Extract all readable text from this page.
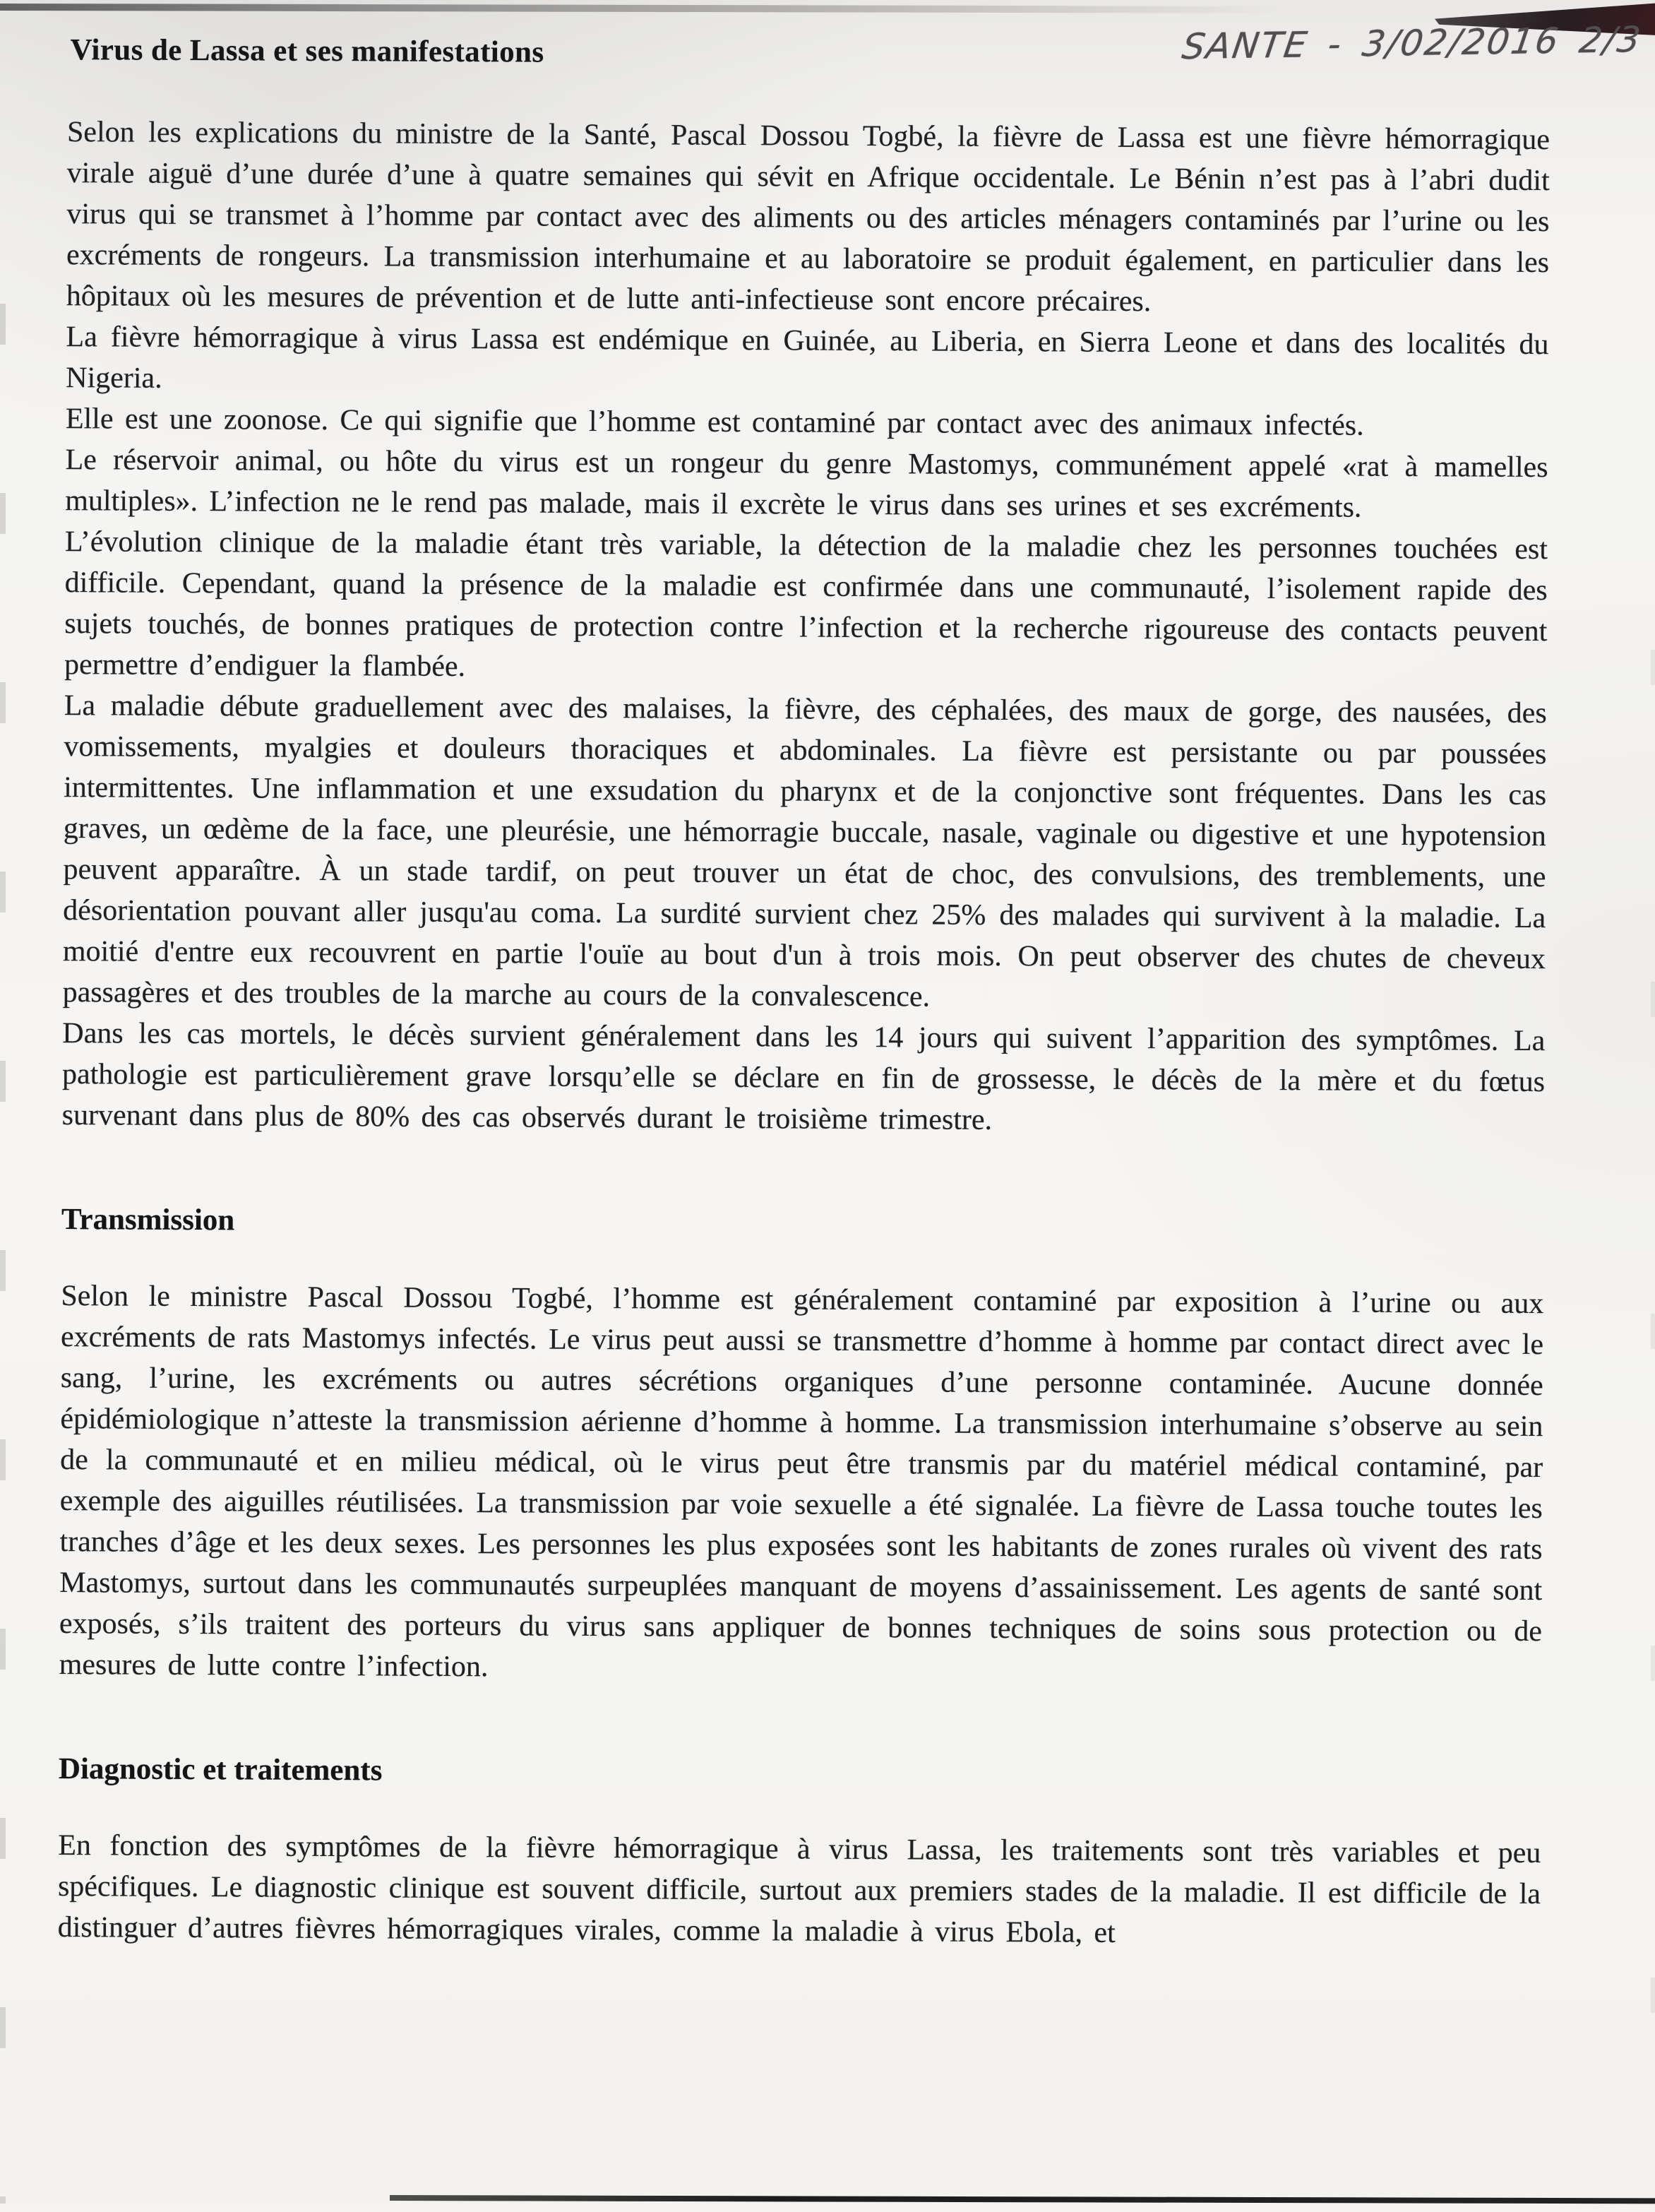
Virus de Lassa et ses manifestations	SANTE - 3/02/2016 2/3

Selon les explications du ministre de la Santé, Pascal Dossou Togbé, la fièvre de Lassa est une fièvre hémorragique virale aiguë d’une durée d’une à quatre semaines qui sévit en Afrique occidentale. Le Bénin n’est pas à l’abri dudit virus qui se transmet à l’homme par contact avec des aliments ou des articles ménagers contaminés par l’urine ou les excréments de rongeurs. La transmission interhumaine et au laboratoire se produit également, en particulier dans les hôpitaux où les mesures de prévention et de lutte anti-infectieuse sont encore précaires.

La fièvre hémorragique à virus Lassa est endémique en Guinée, au Liberia, en Sierra Leone et dans des localités du Nigeria.

Elle est une zoonose. Ce qui signifie que l’homme est contaminé par contact avec des animaux infectés.

Le réservoir animal, ou hôte du virus est un rongeur du genre Mastomys, communément appelé «rat à mamelles multiples». L’infection ne le rend pas malade, mais il excrète le virus dans ses urines et ses excréments.

L’évolution clinique de la maladie étant très variable, la détection de la maladie chez les personnes touchées est difficile. Cependant, quand la présence de la maladie est confirmée dans une communauté, l’isolement rapide des sujets touchés, de bonnes pratiques de protection contre l’infection et la recherche rigoureuse des contacts peuvent permettre d’endiguer la flambée.

La maladie débute graduellement avec des malaises, la fièvre, des céphalées, des maux de gorge, des nausées, des vomissements, myalgies et douleurs thoraciques et abdominales. La fièvre est persistante ou par poussées intermittentes. Une inflammation et une exsudation du pharynx et de la conjonctive sont fréquentes. Dans les cas graves, un œdème de la face, une pleurésie, une hémorragie buccale, nasale, vaginale ou digestive et une hypotension peuvent apparaître. À un stade tardif, on peut trouver un état de choc, des convulsions, des tremblements, une désorientation pouvant aller jusqu'au coma. La surdité survient chez 25% des malades qui survivent à la maladie. La moitié d'entre eux recouvrent en partie l'ouïe au bout d'un à trois mois. On peut observer des chutes de cheveux passagères et des troubles de la marche au cours de la convalescence.

Dans les cas mortels, le décès survient généralement dans les 14 jours qui suivent l’apparition des symptômes. La pathologie est particulièrement grave lorsqu’elle se déclare en fin de grossesse, le décès de la mère et du fœtus survenant dans plus de 80% des cas observés durant le troisième trimestre.

Transmission

Selon le ministre Pascal Dossou Togbé, l’homme est généralement contaminé par exposition à l’urine ou aux excréments de rats Mastomys infectés. Le virus peut aussi se transmettre d’homme à homme par contact direct avec le sang, l’urine, les excréments ou autres sécrétions organiques d’une personne contaminée. Aucune donnée épidémiologique n’atteste la transmission aérienne d’homme à homme. La transmission interhumaine s’observe au sein de la communauté et en milieu médical, où le virus peut être transmis par du matériel médical contaminé, par exemple des aiguilles réutilisées. La transmission par voie sexuelle a été signalée. La fièvre de Lassa touche toutes les tranches d’âge et les deux sexes. Les personnes les plus exposées sont les habitants de zones rurales où vivent des rats Mastomys, surtout dans les communautés surpeuplées manquant de moyens d’assainissement. Les agents de santé sont exposés, s’ils traitent des porteurs du virus sans appliquer de bonnes techniques de soins sous protection ou de mesures de lutte contre l’infection.

Diagnostic et traitements

En fonction des symptômes de la fièvre hémorragique à virus Lassa, les traitements sont très variables et peu spécifiques. Le diagnostic clinique est souvent difficile, surtout aux premiers stades de la maladie. Il est difficile de la distinguer d’autres fièvres hémorragiques virales, comme la maladie à virus Ebola, et
